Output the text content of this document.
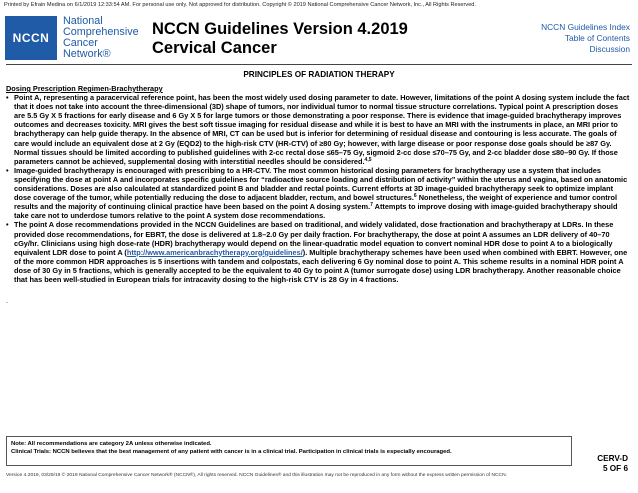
Printed by Efrain Medina on 6/1/2019 12:33:54 AM. For personal use only. Not approved for distribution. Copyright © 2019 National Comprehensive Cancer Network, Inc., All Rights Reserved.
NCCN
National
Comprehensive
Cancer
Network®
NCCN Guidelines Version 4.2019
Cervical Cancer
NCCN Guidelines Index
Table of Contents
Discussion
PRINCIPLES OF RADIATION THERAPY
Dosing Prescription Regimen-Brachytherapy
• Point A, representing a paracervical reference point, has been the most widely used dosing parameter to date. However, limitations of the point A dosing system include the fact that it does not take into account the three-dimensional (3D) shape of tumors, nor individual tumor to normal tissue structure correlations. Typical point A prescription doses are 5.5 Gy X 5 fractions for early disease and 6 Gy X 5 for large tumors or those demonstrating a poor response. There is evidence that image-guided brachytherapy improves outcomes and decreases toxicity. MRI gives the best soft tissue imaging for residual disease and while it is best to have an MRI with the instruments in place, an MRI prior to brachytherapy can help guide therapy. In the absence of MRI, CT can be used but is inferior for determining of residual disease and contouring is less accurate. The goals of care would include an equivalent dose at 2 Gy (EQD2) to the high-risk CTV (HR-CTV) of ≥80 Gy; however, with large disease or poor response dose goals should be ≥87 Gy. Normal tissues should be limited according to published guidelines with 2-cc rectal dose ≤65–75 Gy, sigmoid 2-cc dose ≤70–75 Gy, and 2-cc bladder dose ≤80–90 Gy. If those parameters cannot be achieved, supplemental dosing with interstitial needles should be considered.$^{4,5}$
• Image-guided brachytherapy is encouraged with prescribing to a HR-CTV. The most common historical dosing parameters for brachytherapy use a system that includes specifying the dose at point A and incorporates specific guidelines for “radioactive source loading and distribution of activity” within the uterus and vagina, based on anatomic considerations. Doses are also calculated at standardized point B and bladder and rectal points. Current efforts at 3D image-guided brachytherapy seek to optimize implant dose coverage of the tumor, while potentially reducing the dose to adjacent bladder, rectum, and bowel structures.$^6$ Nonetheless, the weight of experience and tumor control results and the majority of continuing clinical practice have been based on the point A dosing system.$^7$ Attempts to improve dosing with image-guided brachytherapy should take care not to underdose tumors relative to the point A system dose recommendations.
• The point A dose recommendations provided in the NCCN Guidelines are based on traditional, and widely validated, dose fractionation and brachytherapy at LDRs. In these provided dose recommendations, for EBRT, the dose is delivered at 1.8–2.0 Gy per daily fraction. For brachytherapy, the dose at point A assumes an LDR delivery of 40–70 cGy/hr. Clinicians using high dose-rate (HDR) brachytherapy would depend on the linear-quadratic model equation to convert nominal HDR dose to point A to a biologically equivalent LDR dose to point A (http://www.americanbrachytherapy.org/guidelines/). Multiple brachytherapy schemes have been used when combined with EBRT. However, one of the more common HDR approaches is 5 insertions with tandem and colpostats, each delivering 6 Gy nominal dose to point A. This scheme results in a nominal HDR point A dose of 30 Gy in 5 fractions, which is generally accepted to be the equivalent to 40 Gy to point A (tumor surrogate dose) using LDR brachytherapy. Another reasonable choice that has been well-studied in European trials for intracavity dosing to the high-risk CTV is 28 Gy in 4 fractions.
.
Note: All recommendations are category 2A unless otherwise indicated.
Clinical Trials: NCCN believes that the best management of any patient with cancer is in a clinical trial. Participation in clinical trials is especially encouraged.
CERV-D
5 OF 6
Version 4.2019, 03/29/19 © 2019 National Comprehensive Cancer Network® (NCCN®), All rights reserved. NCCN Guidelines® and this illustration may not be reproduced in any form without the express written permission of NCCN.
